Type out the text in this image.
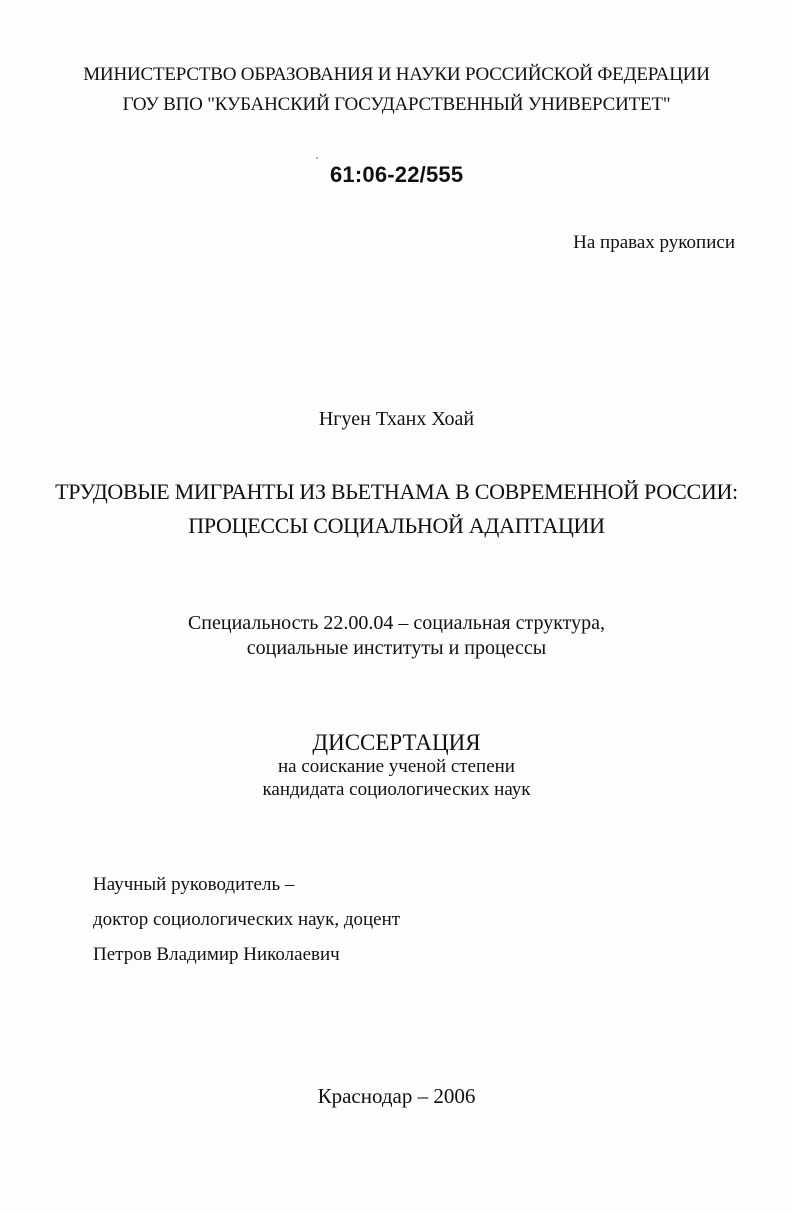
МИНИСТЕРСТВО ОБРАЗОВАНИЯ И НАУКИ РОССИЙСКОЙ ФЕДЕРАЦИИ
ГОУ ВПО "КУБАНСКИЙ ГОСУДАРСТВЕННЫЙ УНИВЕРСИТЕТ"
61:06-22/555
На правах рукописи
Нгуен Тханх Хоай
ТРУДОВЫЕ МИГРАНТЫ ИЗ ВЬЕТНАМА В СОВРЕМЕННОЙ РОССИИ:
ПРОЦЕССЫ СОЦИАЛЬНОЙ АДАПТАЦИИ
Специальность 22.00.04 – социальная структура,
социальные институты и процессы
ДИССЕРТАЦИЯ
на соискание ученой степени
кандидата социологических наук
Научный руководитель –
доктор социологических наук, доцент
Петров Владимир Николаевич
Краснодар – 2006
